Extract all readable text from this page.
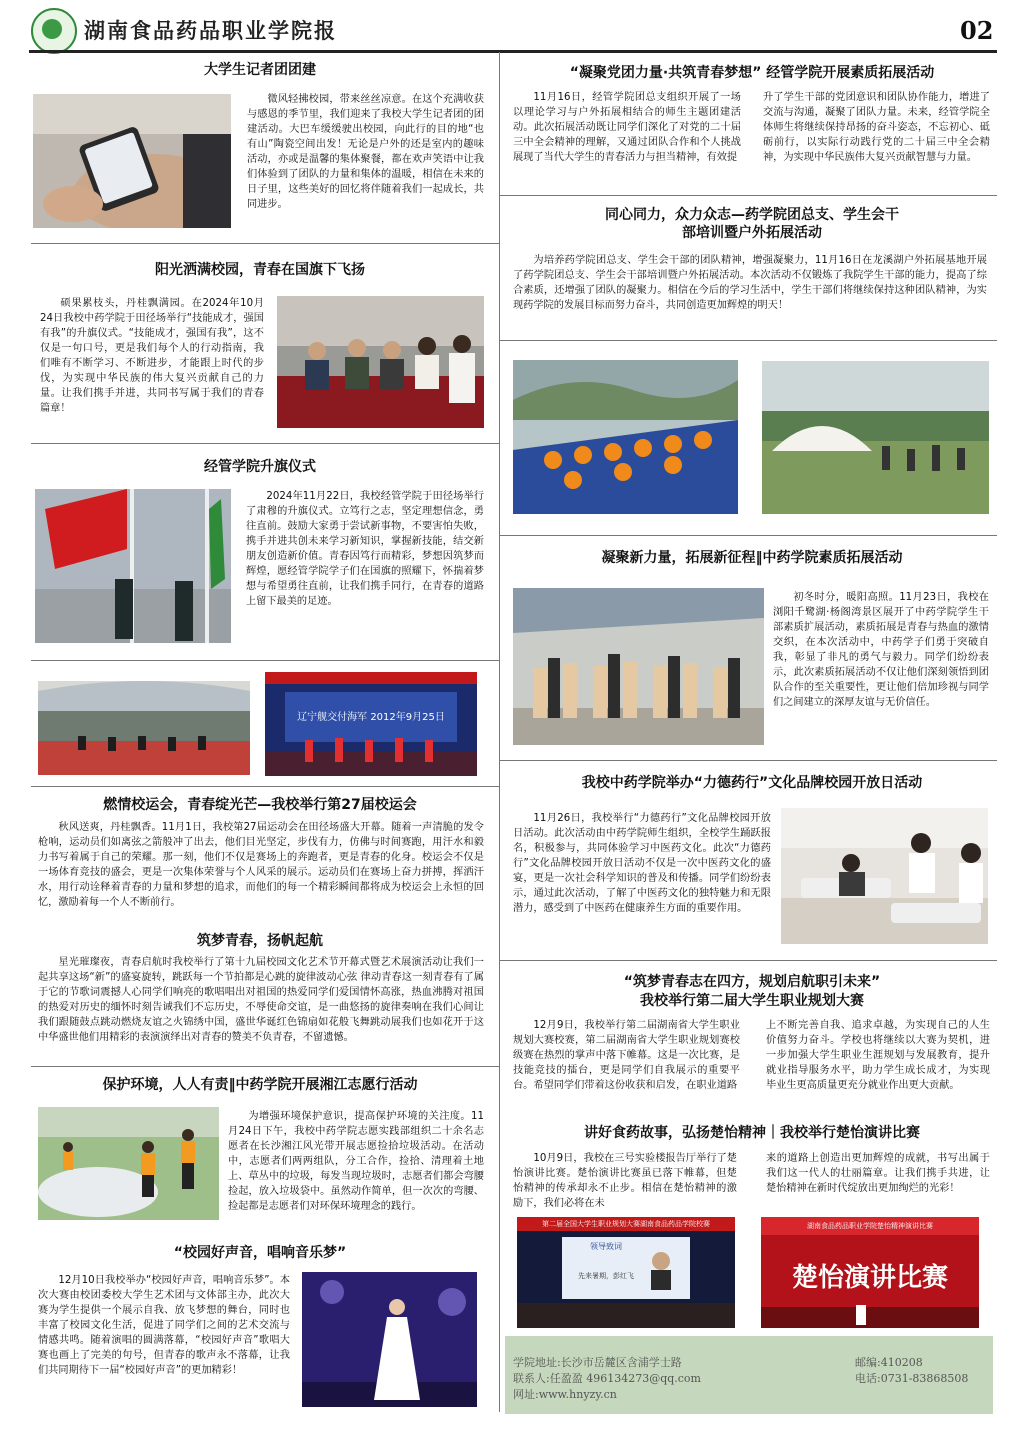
湖南食品药品职业学院报	02
大学生记者团团建
微风轻拂校园，带来丝丝凉意。在这个充满收获与感恩的季节里，我们迎来了我校大学生记者团的团建活动。大巴车缓缓驶出校园，向此行的目的地“也有山”陶瓷空间出发！无论是户外的还是室内的趣味活动，亦或是温馨的集体聚餐，都在欢声笑语中让我们体验到了团队的力量和集体的温暖，相信在未来的日子里，这些美好的回忆将伴随着我们一起成长，共同进步。
阳光洒满校园，青春在国旗下飞扬
硕果累枝头，丹桂飘满园。在2024年10月24日我校中药学院于田径场举行“技能成才，强国有我”的升旗仪式。“技能成才，强国有我”，这不仅是一句口号，更是我们每个人的行动指南，我们唯有不断学习、不断进步，才能跟上时代的步伐，为实现中华民族的伟大复兴贡献自己的力量。让我们携手并进，共同书写属于我们的青春篇章！
经管学院升旗仪式
2024年11月22日，我校经管学院于田径场举行了肃穆的升旗仪式。立笃行之志，坚定理想信念，勇往直前。鼓励大家勇于尝试新事物，不要害怕失败，携手并进共创未来学习新知识，掌握新技能，结交新朋友创造新价值。青春因笃行而精彩，梦想因筑梦而辉煌，愿经管学院学子们在国旗的照耀下，怀揣着梦想与希望勇往直前，让我们携手同行，在青春的道路上留下最美的足迹。
辽宁舰交付海军 2012年9月25日
燃情校运会，青春绽光芒—我校举行第27届校运会
秋风送爽，丹桂飘香。11月1日，我校第27届运动会在田径场盛大开幕。随着一声清脆的发令枪响，运动员们如离弦之箭般冲了出去，他们目光坚定，步伐有力，仿佛与时间赛跑，用汗水和毅力书写着属于自己的荣耀。那一刻，他们不仅是赛场上的奔跑者，更是青春的化身。校运会不仅是一场体育竞技的盛会，更是一次集体荣誉与个人风采的展示。运动员们在赛场上奋力拼搏，挥洒汗水，用行动诠释着青春的力量和梦想的追求，而他们的每一个精彩瞬间都将成为校运会上永恒的回忆，激励着每一个人不断前行。
筑梦青春，扬帆起航
星光璀璨夜，青春启航时我校举行了第十九届校园文化艺术节开幕式暨艺术展演活动让我们一起共享这场“新”的盛宴旋转，跳跃每一个节拍都是心跳的旋律波动心弦 律动青春这一刻青春有了属于它的节歌词震撼人心同学们响亮的歌唱唱出对祖国的热爱同学们爱国情怀高涨，热血沸腾对祖国的热爱对历史的缅怀时刻告诫我们不忘历史，不辱使命交谊，是一曲悠扬的旋律奏响在我们心间让我们跟随鼓点跳动燃烧友谊之火锦绣中国，盛世华诞红色锦扇如花般飞舞跳动展我们也如花开于这中华盛世他们用精彩的表演演绎出对青春的赞美不负青春，不留遗憾。
保护环境，人人有责‖中药学院开展湘江志愿行活动
为增强环境保护意识，提高保护环境的关注度。11月24日下午，我校中药学院志愿实践部组织二十余名志愿者在长沙湘江风光带开展志愿捡拾垃圾活动。在活动中，志愿者们两两组队，分工合作，捡拾、清理着土地上、草丛中的垃圾，每发当现垃圾时，志愿者们都会弯腰捡起，放入垃圾袋中。虽然动作简单，但一次次的弯腰、捡起都是志愿者们对环保环境理念的践行。
“校园好声音，唱响音乐梦”
12月10日我校举办“校园好声音，唱响音乐梦”。本次大赛由校团委校大学生艺术团与文体部主办，此次大赛为学生提供一个展示自我、放飞梦想的舞台，同时也丰富了校园文化生活，促进了同学们之间的艺术交流与情感共鸣。随着演唱的圆满落幕，“校园好声音”歌唱大赛也画上了完美的句号，但青春的歌声永不落幕，让我们共同期待下一届“校园好声音”的更加精彩！
“凝聚党团力量·共筑青春梦想” 经管学院开展素质拓展活动
11月16日，经管学院团总支组织开展了一场以理论学习与户外拓展相结合的师生主题团建活动。此次拓展活动既让同学们深化了对党的二十届三中全会精神的理解，又通过团队合作和个人挑战展现了当代大学生的青春活力与担当精神，有效提
升了学生干部的党团意识和团队协作能力，增进了交流与沟通，凝聚了团队力量。未来，经管学院全体师生将继续保持昂扬的奋斗姿态，不忘初心、砥砺前行，以实际行动践行党的二十届三中全会精神，为实现中华民族伟大复兴贡献智慧与力量。
同心同力，众力众志—药学院团总支、学生会干
部培训暨户外拓展活动
为培养药学院团总支、学生会干部的团队精神，增强凝聚力，11月16日在龙溪湖户外拓展基地开展了药学院团总支、学生会干部培训暨户外拓展活动。本次活动不仅锻炼了我院学生干部的能力，提高了综合素质，还增强了团队的凝聚力。相信在今后的学习生活中，学生干部们将继续保持这种团队精神，为实现药学院的发展目标而努力奋斗，共同创造更加辉煌的明天！
凝聚新力量，拓展新征程‖中药学院素质拓展活动
初冬时分，暖阳高照。11月23日，我校在浏阳千鹭湖·杨阁湾景区展开了中药学院学生干部素质扩展活动，素质拓展是青春与热血的激情交织，在本次活动中，中药学子们勇于突破自我，彰显了非凡的勇气与毅力。同学们纷纷表示，此次素质拓展活动不仅让他们深刻领悟到团队合作的至关重要性，更让他们倍加珍视与同学们之间建立的深厚友谊与无价信任。
我校中药学院举办“力德药行”文化品牌校园开放日活动
11月26日，我校举行“力德药行”文化品牌校园开放日活动。此次活动由中药学院师生组织，全校学生踊跃报名，积极参与，共同体验学习中医药文化。此次“力德药行”文化品牌校园开放日活动不仅是一次中医药文化的盛宴，更是一次社会科学知识的普及和传播。同学们纷纷表示，通过此次活动，了解了中医药文化的独特魅力和无限潜力，感受到了中医药在健康养生方面的重要作用。
“筑梦青春志在四方，规划启航职引未来”
我校举行第二届大学生职业规划大赛
12月9日，我校举行第二届湖南省大学生职业规划大赛校赛，第二届湖南省大学生职业规划赛校级赛在热烈的掌声中落下帷幕。这是一次比赛，是技能竞技的擂台，更是同学们自我展示的重要平台。希望同学们带着这份收获和启发，在职业道路
上不断完善自我、追求卓越，为实现自己的人生价值努力奋斗。学校也将继续以大赛为契机，进一步加强大学生职业生涯规划与发展教育，提升就业指导服务水平，助力学生成长成才，为实现毕业生更高质量更充分就业作出更大贡献。
讲好食药故事，弘扬楚怡精神｜我校举行楚怡演讲比赛
10月9日，我校在三号实验楼报告厅举行了楚怡演讲比赛。楚怡演讲比赛虽已落下帷幕，但楚怡精神的传承却永不止步。相信在楚怡精神的激励下，我们必将在未
来的道路上创造出更加辉煌的成就，书写出属于我们这一代人的壮丽篇章。让我们携手共进，让楚怡精神在新时代绽放出更加绚烂的光彩！
第二届全国大学生职业规划大赛湖南食品药品学院校赛
领导致词
先来暑期，彭红飞
湖南食品药品职业学院楚怡精神演讲比赛
楚怡演讲比赛
学院地址:长沙市岳麓区含浦学士路	邮编:410208
联系人:任盈盈 496134273@qq.com	电话:0731-83868508
网址:www.hnyzy.cn
